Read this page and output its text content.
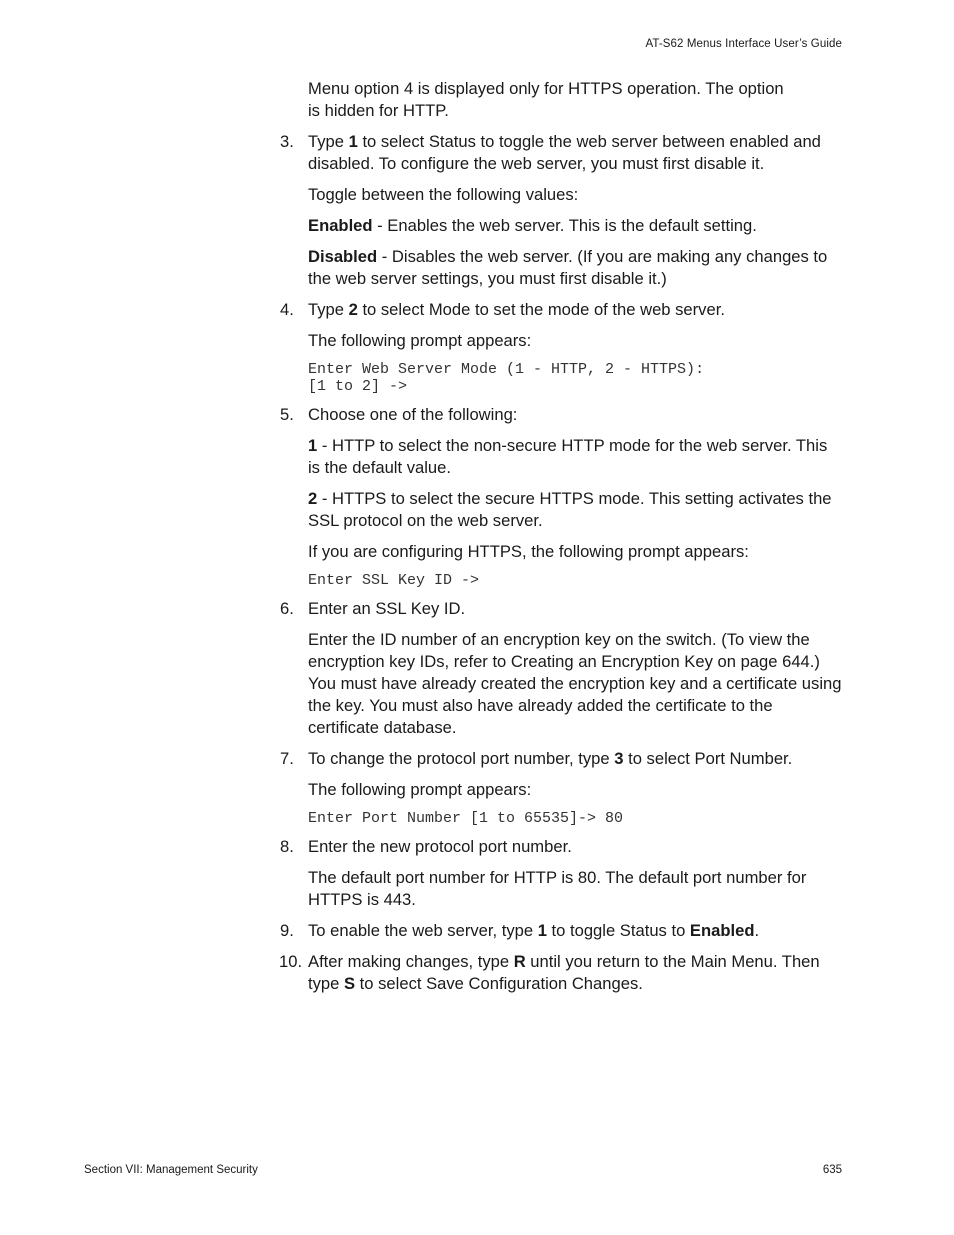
AT-S62 Menus Interface User’s Guide
Menu option 4 is displayed only for HTTPS operation. The option
is hidden for HTTP.
3. Type 1 to select Status to toggle the web server between enabled and disabled. To configure the web server, you must first disable it.
Toggle between the following values:
Enabled - Enables the web server. This is the default setting.
Disabled - Disables the web server. (If you are making any changes to the web server settings, you must first disable it.)
4. Type 2 to select Mode to set the mode of the web server.
The following prompt appears:
Enter Web Server Mode (1 - HTTP, 2 - HTTPS):
[1 to 2] ->
5. Choose one of the following:
1 - HTTP to select the non-secure HTTP mode for the web server. This is the default value.
2 - HTTPS to select the secure HTTPS mode. This setting activates the SSL protocol on the web server.
If you are configuring HTTPS, the following prompt appears:
Enter SSL Key ID ->
6. Enter an SSL Key ID.
Enter the ID number of an encryption key on the switch. (To view the encryption key IDs, refer to Creating an Encryption Key on page 644.) You must have already created the encryption key and a certificate using the key. You must also have already added the certificate to the certificate database.
7. To change the protocol port number, type 3 to select Port Number.
The following prompt appears:
Enter Port Number [1 to 65535]-> 80
8. Enter the new protocol port number.
The default port number for HTTP is 80. The default port number for HTTPS is 443.
9. To enable the web server, type 1 to toggle Status to Enabled.
10. After making changes, type R until you return to the Main Menu. Then type S to select Save Configuration Changes.
Section VII: Management Security	635
